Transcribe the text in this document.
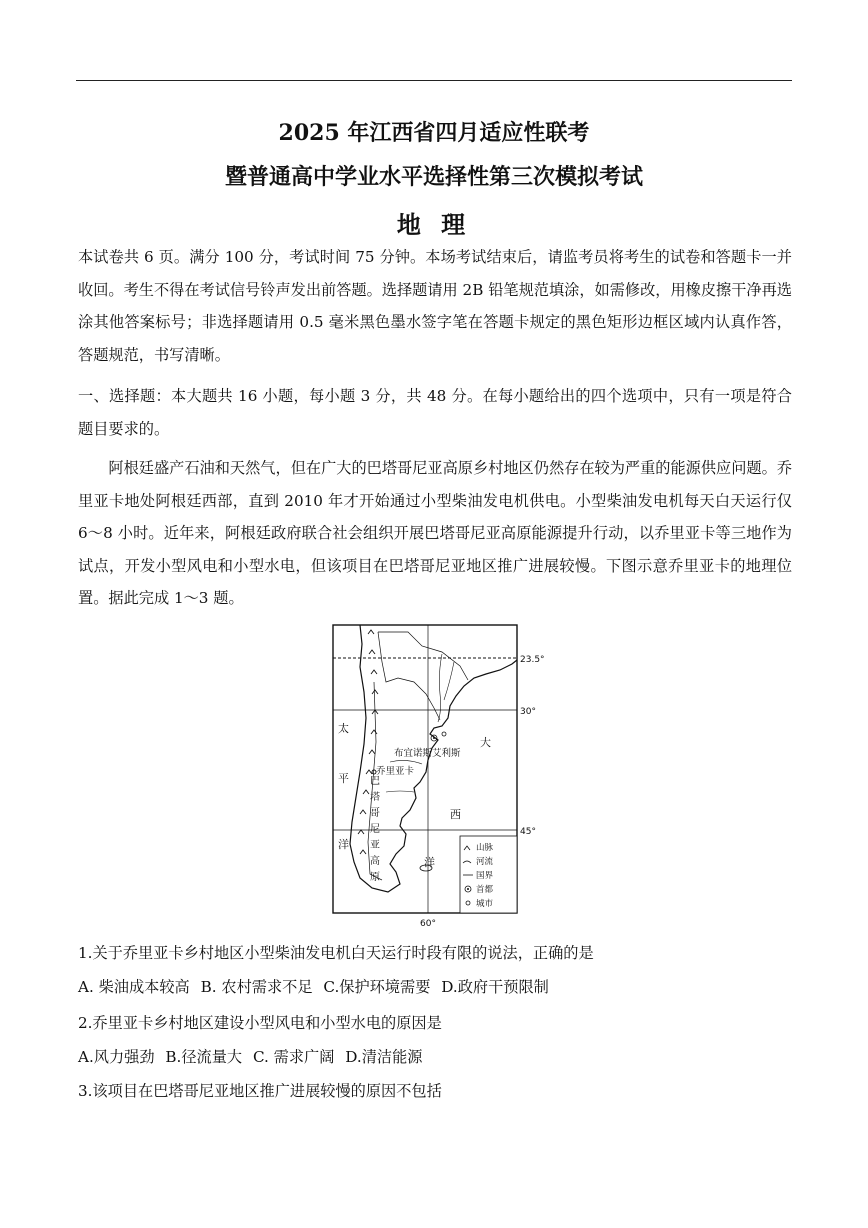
2025 年江西省四月适应性联考
暨普通高中学业水平选择性第三次模拟考试
地 理

本试卷共 6 页。满分 100 分，考试时间 75 分钟。本场考试结束后，请监考员将考生的试卷和答题卡一并收回。考生不得在考试信号铃声发出前答题。选择题请用 2B 铅笔规范填涂，如需修改，用橡皮擦干净再选涂其他答案标号；非选择题请用 0.5 毫米黑色墨水签字笔在答题卡规定的黑色矩形边框区域内认真作答，答题规范，书写清晰。

一、选择题：本大题共 16 小题，每小题 3 分，共 48 分。在每小题给出的四个选项中，只有一项是符合题目要求的。

阿根廷盛产石油和天然气，但在广大的巴塔哥尼亚高原乡村地区仍然存在较为严重的能源供应问题。乔里亚卡地处阿根廷西部，直到 2010 年才开始通过小型柴油发电机供电。小型柴油发电机每天白天运行仅 6～8 小时。近年来，阿根廷政府联合社会组织开展巴塔哥尼亚高原能源提升行动，以乔里亚卡等三地作为试点，开发小型风电和小型水电，但该项目在巴塔哥尼亚地区推广进展较慢。下图示意乔里亚卡的地理位置。据此完成 1～3 题。

23.5°
30°
45°
60°
布宜诺斯艾利斯
乔里亚卡
太
平
洋
大
西
洋
巴
塔
哥
尼
亚
高
原
山脉
河流
国界
首都
城市

1.关于乔里亚卡乡村地区小型柴油发电机白天运行时段有限的说法，正确的是

A. 柴油成本较高 B. 农村需求不足 C.保护环境需要 D.政府干预限制

2.乔里亚卡乡村地区建设小型风电和小型水电的原因是

A.风力强劲 B.径流量大 C. 需求广阔 D.清洁能源

3.该项目在巴塔哥尼亚地区推广进展较慢的原因不包括
